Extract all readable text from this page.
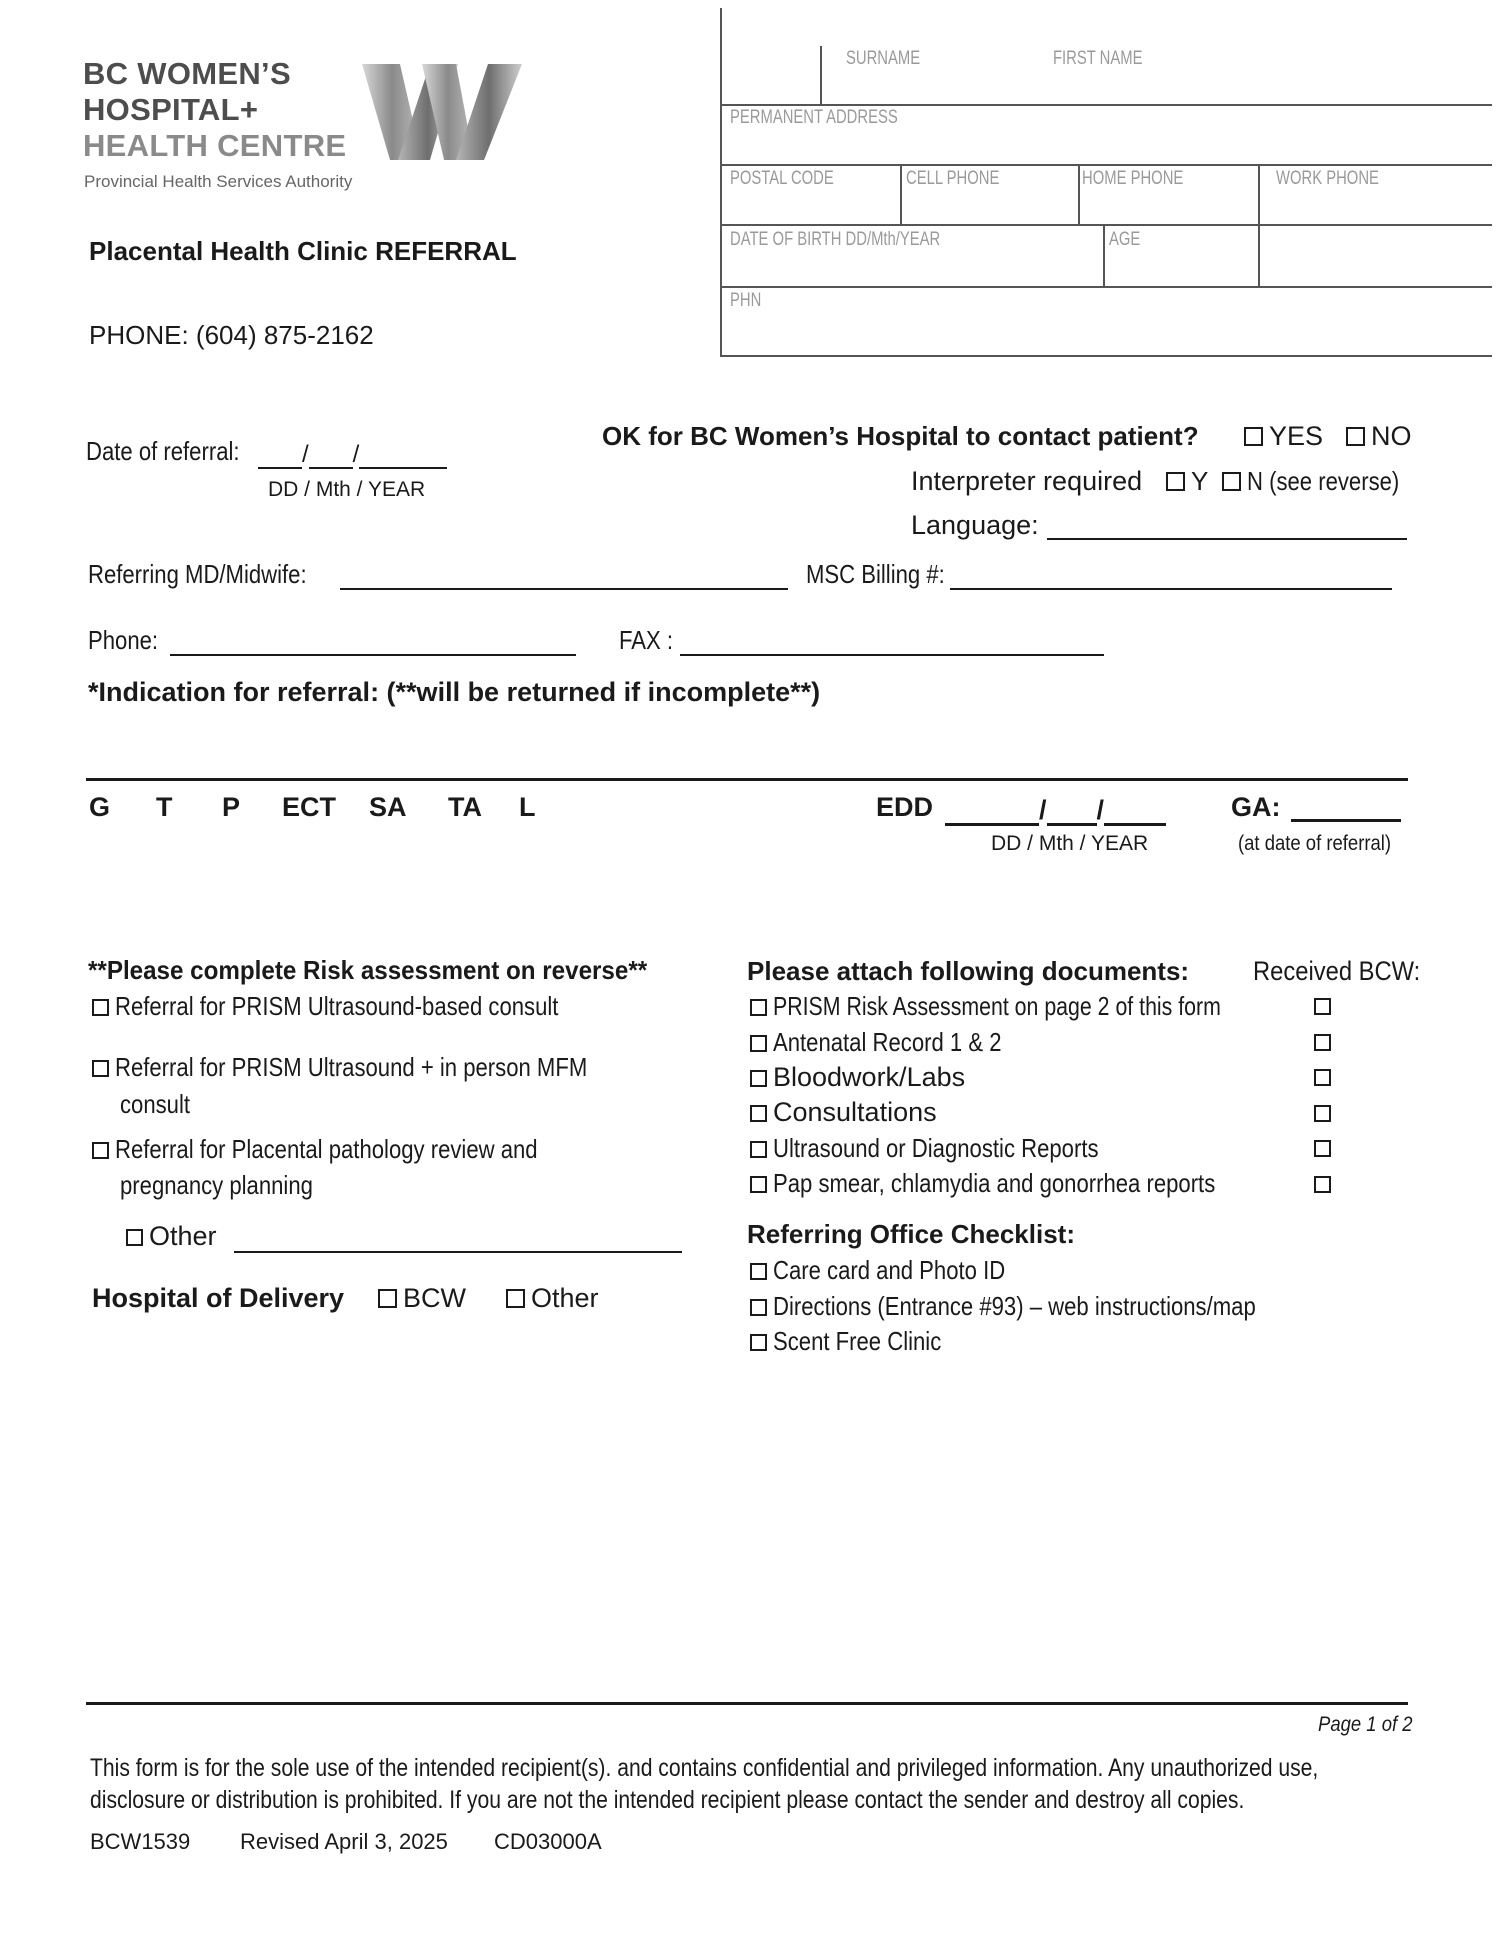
BC WOMEN’S
HOSPITAL+
HEALTH CENTRE
Provincial Health Services Authority
Placental Health Clinic REFERRAL
PHONE: (604) 875-2162
SURNAME	FIRST NAME
PERMANENT ADDRESS
POSTAL CODE	CELL PHONE	HOME PHONE	WORK PHONE
DATE OF BIRTH DD/Mth/YEAR	AGE
PHN
Date of referral:	/ /
DD / Mth / YEAR
OK for BC Women’s Hospital to contact patient?	YES	NO
Interpreter required	Y	N (see reverse)
Language:
Referring MD/Midwife:	MSC Billing #:
Phone:	FAX :
*Indication for referral: (**will be returned if incomplete**)
G T P ECT SA TA L	EDD	/ /
DD / Mth / YEAR
GA:
(at date of referral)
**Please complete Risk assessment on reverse**
Referral for PRISM Ultrasound-based consult
Referral for PRISM Ultrasound + in person MFM
consult
Referral for Placental pathology review and
pregnancy planning
Other
Hospital of Delivery	BCW	Other
Please attach following documents: Received BCW:
PRISM Risk Assessment on page 2 of this form
Antenatal Record 1 & 2
Bloodwork/Labs
Consultations
Ultrasound or Diagnostic Reports
Pap smear, chlamydia and gonorrhea reports
Referring Office Checklist:
Care card and Photo ID
Directions (Entrance #93) – web instructions/map
Scent Free Clinic
Page 1 of 2
This form is for the sole use of the intended recipient(s). and contains confidential and privileged information. Any unauthorized use,
disclosure or distribution is prohibited. If you are not the intended recipient please contact the sender and destroy all copies.
BCW1539 Revised April 3, 2025 CD03000A
